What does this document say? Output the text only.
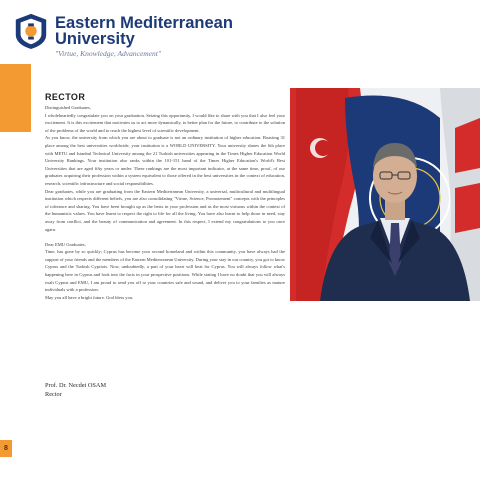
Eastern Mediterranean
University
"Virtue, Knowledge, Advancement"
RECTOR

Distinguished Graduates,

I wholeheartedly congratulate you on your graduation. Seizing this opportunity, I would like to share with you that I also feel your excitement. It is this excitement that motivates us to act more dynamically, to better plan for the future, to contribute to the solution of the problems of the world and to reach the highest level of scientific development.

As you know, the university from which you are about to graduate is not an ordinary institution of higher education. Boasting 31 place among the best universities worldwide, your institution is a WORLD UNIVERSITY. Your university shares the 6th place with METU and Istanbul Technical University among the 21 Turkish universities appearing in the Times Higher Education World University Rankings. Your institution also ranks within the 101-151 band of the Times Higher Education's World's Best Universities that are aged fifty years or under. These rankings are the most important indicator, at the same time, proof, of our graduates acquiring their profession within a system equivalent to those offered in the best universities in the context of education, research, scientific infrastructure and social responsibilities.

Dear graduates, while you are graduating from the Eastern Mediterranean University, a universal, multicultural and multilingual institution which respects different beliefs, you are also consolidating "Virtue, Science, Promotement" concepts with the principles of tolerance and sharing. You have been brought up as the bests in your profession and as the most virtuous within the context of the humanistic values. You have learnt to respect the right to life for all the living. You have also learnt to help those in need, stay away from conflict, and the beauty of communication and agreement. In this respect, I extend my congratulations to you once again.

Dear EMU Graduates,

Time, has gone by so quickly; Cyprus has become your second homeland and within this community, you have always had the support of your friends and the members of the Eastern Mediterranean University. During your stay in our country, you got to know Cyprus and the Turkish Cypriots. Now, undoubtedly, a part of your heart will beat for Cyprus. You will always follow what's happening here in Cyprus and look into the facts in your prospective positions. While stating I have no doubt that you will always exalt Cyprus and EMU, I am proud to send you off to your countries safe and sound, and deliver you to your families as mature individuals with a profession.

May you all have a bright future. God bless you.

Prof. Dr. Necdet OSAM
Rector
8
